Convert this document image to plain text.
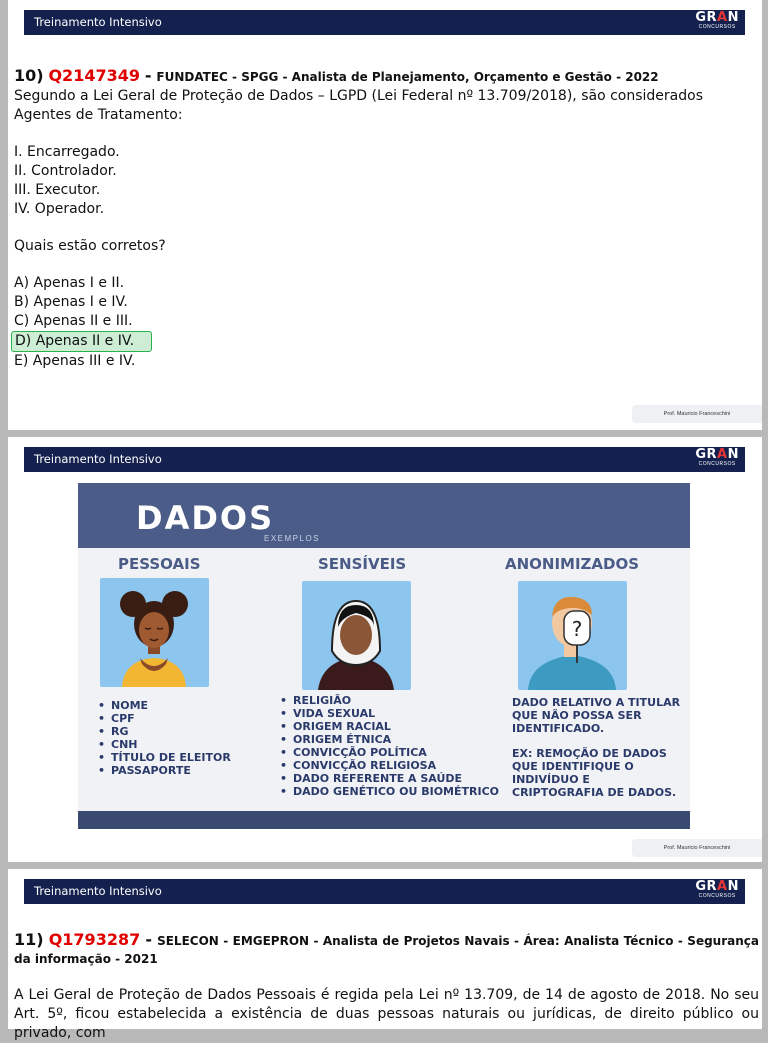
Treinamento Intensivo	GRAN
CONCURSOS
10) Q2147349 - FUNDATEC - SPGG - Analista de Planejamento, Orçamento e Gestão - 2022
Segundo a Lei Geral de Proteção de Dados – LGPD (Lei Federal nº 13.709/2018), são considerados Agentes de Tratamento:
I. Encarregado.
II. Controlador.
III. Executor.
IV. Operador.
Quais estão corretos?
A) Apenas I e II.
B) Apenas I e IV.
C) Apenas II e III.
D) Apenas II e IV.
E) Apenas III e IV.
Prof. Mauricio Franceschini
Treinamento Intensivo	GRAN
CONCURSOS
DADOS
EXEMPLOS
PESSOAIS	SENSÍVEIS	ANONIMIZADOS
?
• NOME
• CPF
• RG
• CNH
• TÍTULO DE ELEITOR
• PASSAPORTE
• RELIGIÃO
• VIDA SEXUAL
• ORIGEM RACIAL
• ORIGEM ÉTNICA
• CONVICÇÃO POLÍTICA
• CONVICÇÃO RELIGIOSA
• DADO REFERENTE A SAÚDE
• DADO GENÉTICO OU BIOMÉTRICO
DADO RELATIVO A TITULAR QUE NÃO POSSA SER IDENTIFICADO.
EX: REMOÇÃO DE DADOS QUE IDENTIFIQUE O INDIVÍDUO E CRIPTOGRAFIA DE DADOS.
Prof. Mauricio Franceschini
Treinamento Intensivo	GRAN
CONCURSOS
11) Q1793287 - SELECON - EMGEPRON - Analista de Projetos Navais - Área: Analista Técnico - Segurança da informação - 2021
A Lei Geral de Proteção de Dados Pessoais é regida pela Lei nº 13.709, de 14 de agosto de 2018. No seu Art. 5º, ficou estabelecida a existência de duas pessoas naturais ou jurídicas, de direito público ou privado, com
